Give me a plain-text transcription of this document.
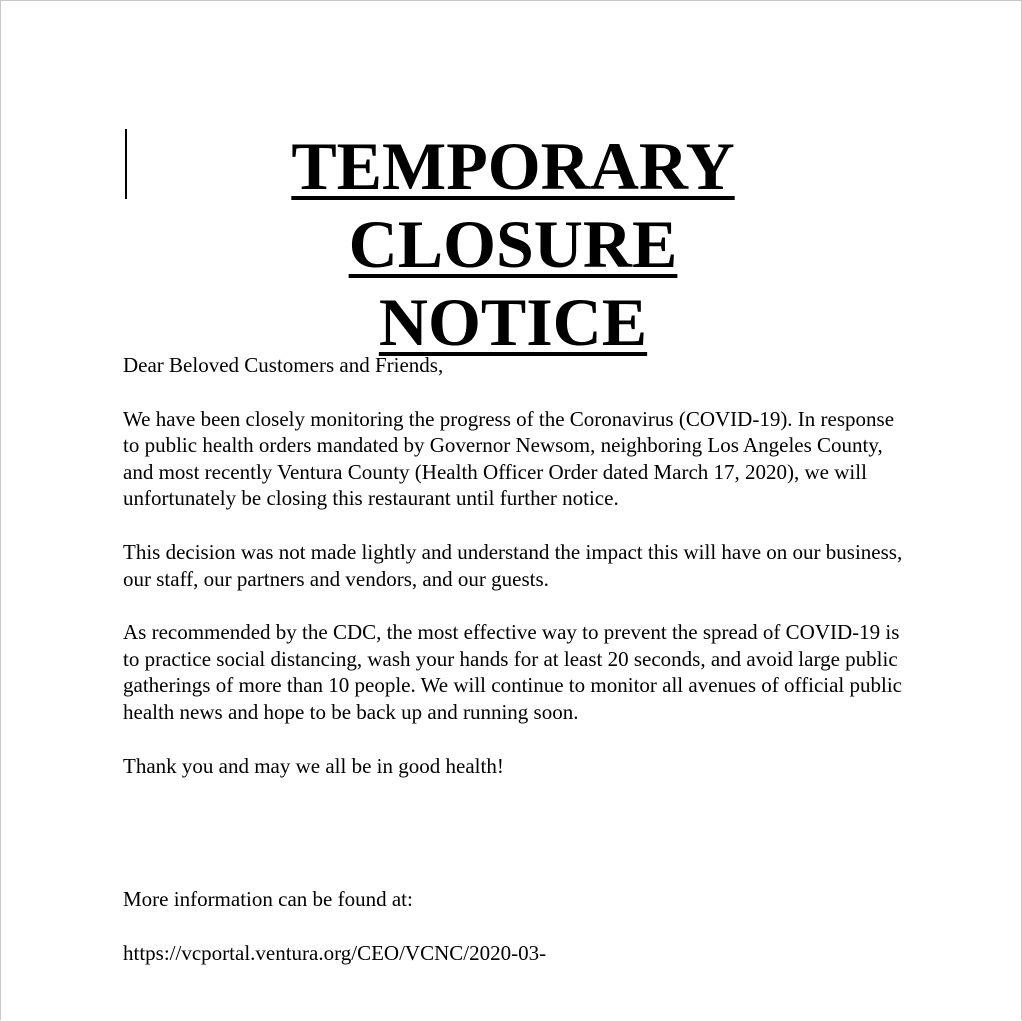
TEMPORARY CLOSURE
NOTICE

Dear Beloved Customers and Friends,

We have been closely monitoring the progress of the Coronavirus (COVID-19). In response to public health orders mandated by Governor Newsom, neighboring Los Angeles County, and most recently Ventura County (Health Officer Order dated March 17, 2020), we will unfortunately be closing this restaurant until further notice.

This decision was not made lightly and understand the impact this will have on our business, our staff, our partners and vendors, and our guests.

As recommended by the CDC, the most effective way to prevent the spread of COVID-19 is to practice social distancing, wash your hands for at least 20 seconds, and avoid large public gatherings of more than 10 people. We will continue to monitor all avenues of official public health news and hope to be back up and running soon.

Thank you and may we all be in good health!

More information can be found at:

https://vcportal.ventura.org/CEO/VCNC/2020-03-
